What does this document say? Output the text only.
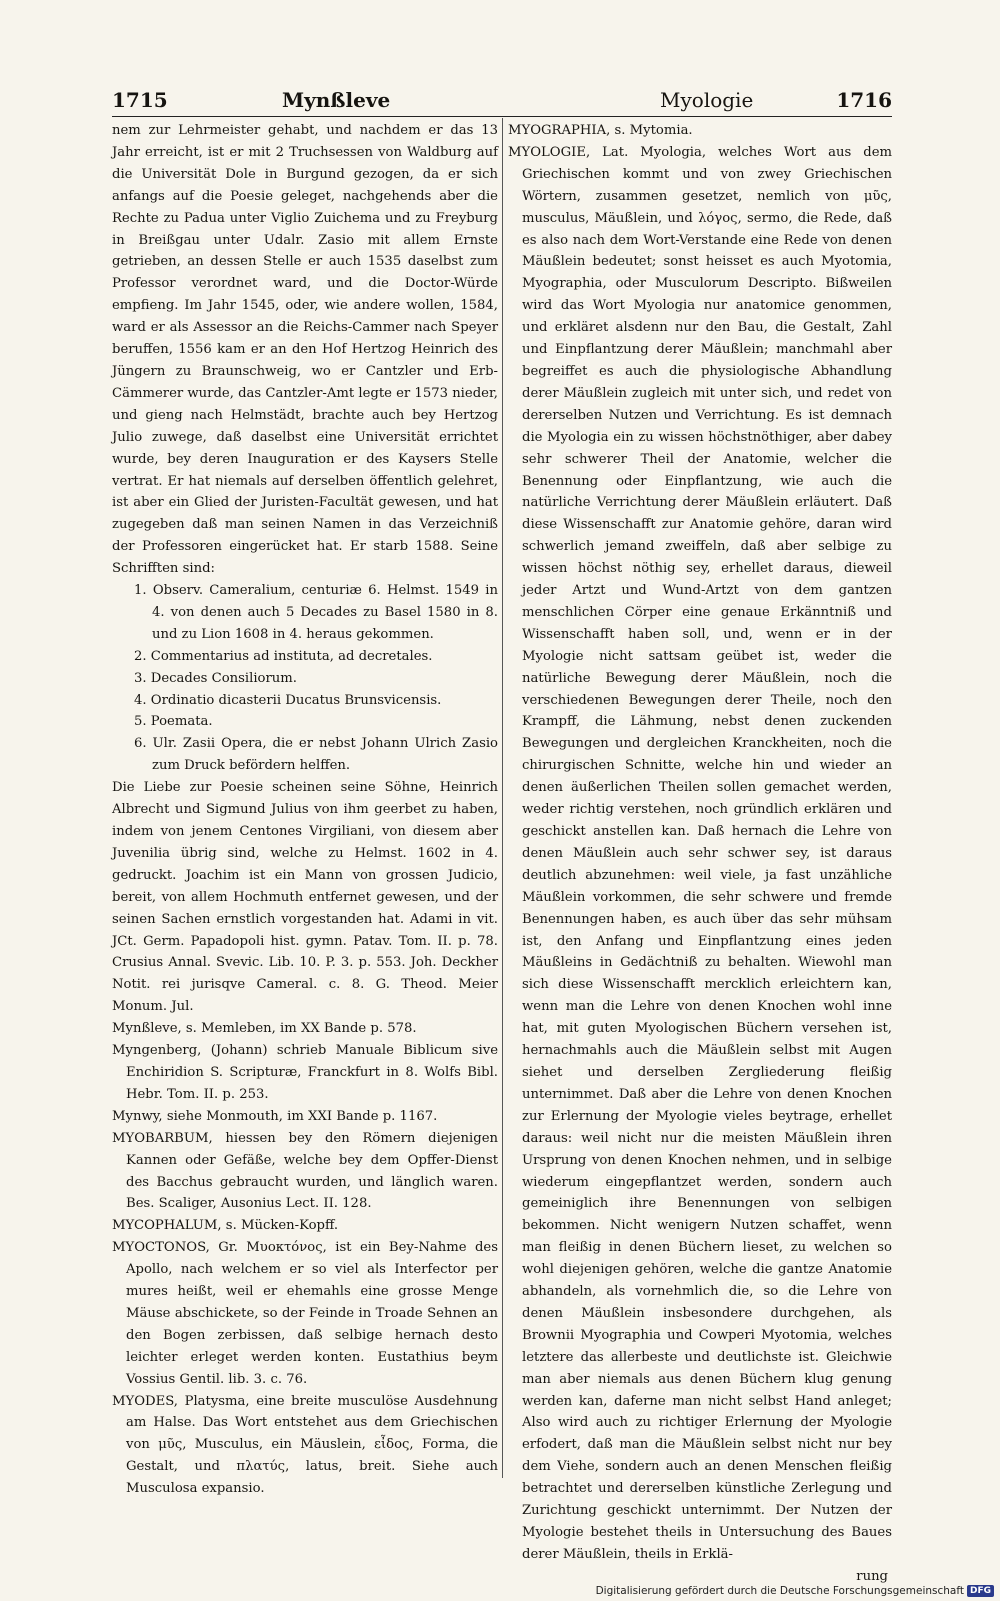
1715	Mynßleve	Myologie	1716

nem zur Lehrmeister gehabt, und nachdem er das 13 Jahr erreicht, ist er mit 2 Truchsessen von Waldburg auf die Universität Dole in Burgund gezogen, da er sich anfangs auf die Poesie geleget, nachgehends aber die Rechte zu Padua unter Viglio Zuichema und zu Freyburg in Breißgau unter Udalr. Zasio mit allem Ernste getrieben, an dessen Stelle er auch 1535 daselbst zum Professor verordnet ward, und die Doctor-Würde empfieng. Im Jahr 1545, oder, wie andere wollen, 1584, ward er als Assessor an die Reichs-Cammer nach Speyer beruffen, 1556 kam er an den Hof Hertzog Heinrich des Jüngern zu Braunschweig, wo er Cantzler und Erb-Cämmerer wurde, das Cantzler-Amt legte er 1573 nieder, und gieng nach Helmstädt, brachte auch bey Hertzog Julio zuwege, daß daselbst eine Universität errichtet wurde, bey deren Inauguration er des Kaysers Stelle vertrat. Er hat niemals auf derselben öffentlich gelehret, ist aber ein Glied der Juristen-Facultät gewesen, und hat zugegeben daß man seinen Namen in das Verzeichniß der Professoren eingerücket hat. Er starb 1588. Seine Schrifften sind:

1. Observ. Cameralium, centuriæ 6. Helmst. 1549 in 4. von denen auch 5 Decades zu Basel 1580 in 8. und zu Lion 1608 in 4. heraus gekommen.

2. Commentarius ad instituta, ad decretales.

3. Decades Consiliorum.

4. Ordinatio dicasterii Ducatus Brunsvicensis.

5. Poemata.

6. Ulr. Zasii Opera, die er nebst Johann Ulrich Zasio zum Druck befördern helffen.

Die Liebe zur Poesie scheinen seine Söhne, Heinrich Albrecht und Sigmund Julius von ihm geerbet zu haben, indem von jenem Centones Virgiliani, von diesem aber Juvenilia übrig sind, welche zu Helmst. 1602 in 4. gedruckt. Joachim ist ein Mann von grossen Judicio, bereit, von allem Hochmuth entfernet gewesen, und der seinen Sachen ernstlich vorgestanden hat. Adami in vit. JCt. Germ. Papadopoli hist. gymn. Patav. Tom. II. p. 78. Crusius Annal. Svevic. Lib. 10. P. 3. p. 553. Joh. Deckher Notit. rei jurisqve Cameral. c. 8. G. Theod. Meier Monum. Jul.

Mynßleve, s. Memleben, im XX Bande p. 578.

Myngenberg, (Johann) schrieb Manuale Biblicum sive Enchiridion S. Scripturæ, Franckfurt in 8. Wolfs Bibl. Hebr. Tom. II. p. 253.

Mynwy, siehe Monmouth, im XXI Bande p. 1167.

MYOBARBUM, hiessen bey den Römern diejenigen Kannen oder Gefäße, welche bey dem Opffer-Dienst des Bacchus gebraucht wurden, und länglich waren. Bes. Scaliger, Ausonius Lect. II. 128.

MYCOPHALUM, s. Mücken-Kopff.

MYOCTONOS, Gr. Μυοκτόνος, ist ein Bey-Nahme des Apollo, nach welchem er so viel als Interfector per mures heißt, weil er ehemahls eine grosse Menge Mäuse abschickete, so der Feinde in Troade Sehnen an den Bogen zerbissen, daß selbige hernach desto leichter erleget werden konten. Eustathius beym Vossius Gentil. lib. 3. c. 76.

MYODES, Platysma, eine breite musculöse Ausdehnung am Halse. Das Wort entstehet aus dem Griechischen von μῦς, Musculus, ein Mäuslein, εἶδος, Forma, die Gestalt, und πλατύς, latus, breit. Siehe auch Musculosa expansio.

MYOGRAPHIA, s. Mytomia.

MYOLOGIE, Lat. Myologia, welches Wort aus dem Griechischen kommt und von zwey Griechischen Wörtern, zusammen gesetzet, nemlich von μῦς, musculus, Mäußlein, und λόγος, sermo, die Rede, daß es also nach dem Wort-Verstande eine Rede von denen Mäußlein bedeutet; sonst heisset es auch Myotomia, Myographia, oder Musculorum Descripto. Bißweilen wird das Wort Myologia nur anatomice genommen, und erkläret alsdenn nur den Bau, die Gestalt, Zahl und Einpflantzung derer Mäußlein; manchmahl aber begreiffet es auch die physiologische Abhandlung derer Mäußlein zugleich mit unter sich, und redet von dererselben Nutzen und Verrichtung. Es ist demnach die Myologia ein zu wissen höchstnöthiger, aber dabey sehr schwerer Theil der Anatomie, welcher die Benennung oder Einpflantzung, wie auch die natürliche Verrichtung derer Mäußlein erläutert. Daß diese Wissenschafft zur Anatomie gehöre, daran wird schwerlich jemand zweiffeln, daß aber selbige zu wissen höchst nöthig sey, erhellet daraus, dieweil jeder Artzt und Wund-Artzt von dem gantzen menschlichen Cörper eine genaue Erkänntniß und Wissenschafft haben soll, und, wenn er in der Myologie nicht sattsam geübet ist, weder die natürliche Bewegung derer Mäußlein, noch die verschiedenen Bewegungen derer Theile, noch den Krampff, die Lähmung, nebst denen zuckenden Bewegungen und dergleichen Kranckheiten, noch die chirurgischen Schnitte, welche hin und wieder an denen äußerlichen Theilen sollen gemachet werden, weder richtig verstehen, noch gründlich erklären und geschickt anstellen kan. Daß hernach die Lehre von denen Mäußlein auch sehr schwer sey, ist daraus deutlich abzunehmen: weil viele, ja fast unzähliche Mäußlein vorkommen, die sehr schwere und fremde Benennungen haben, es auch über das sehr mühsam ist, den Anfang und Einpflantzung eines jeden Mäußleins in Gedächtniß zu behalten. Wiewohl man sich diese Wissenschafft mercklich erleichtern kan, wenn man die Lehre von denen Knochen wohl inne hat, mit guten Myologischen Büchern versehen ist, hernachmahls auch die Mäußlein selbst mit Augen siehet und derselben Zergliederung fleißig unternimmet. Daß aber die Lehre von denen Knochen zur Erlernung der Myologie vieles beytrage, erhellet daraus: weil nicht nur die meisten Mäußlein ihren Ursprung von denen Knochen nehmen, und in selbige wiederum eingepflantzet werden, sondern auch gemeiniglich ihre Benennungen von selbigen bekommen. Nicht wenigern Nutzen schaffet, wenn man fleißig in denen Büchern lieset, zu welchen so wohl diejenigen gehören, welche die gantze Anatomie abhandeln, als vornehmlich die, so die Lehre von denen Mäußlein insbesondere durchgehen, als Brownii Myographia und Cowperi Myotomia, welches letztere das allerbeste und deutlichste ist. Gleichwie man aber niemals aus denen Büchern klug genung werden kan, daferne man nicht selbst Hand anleget; Also wird auch zu richtiger Erlernung der Myologie erfodert, daß man die Mäußlein selbst nicht nur bey dem Viehe, sondern auch an denen Menschen fleißig betrachtet und dererselben künstliche Zerlegung und Zurichtung geschickt unternimmt. Der Nutzen der Myologie bestehet theils in Untersuchung des Baues derer Mäußlein, theils in Erklä-

rung

Digitalisierung gefördert durch die Deutsche Forschungsgemeinschaft DFG
